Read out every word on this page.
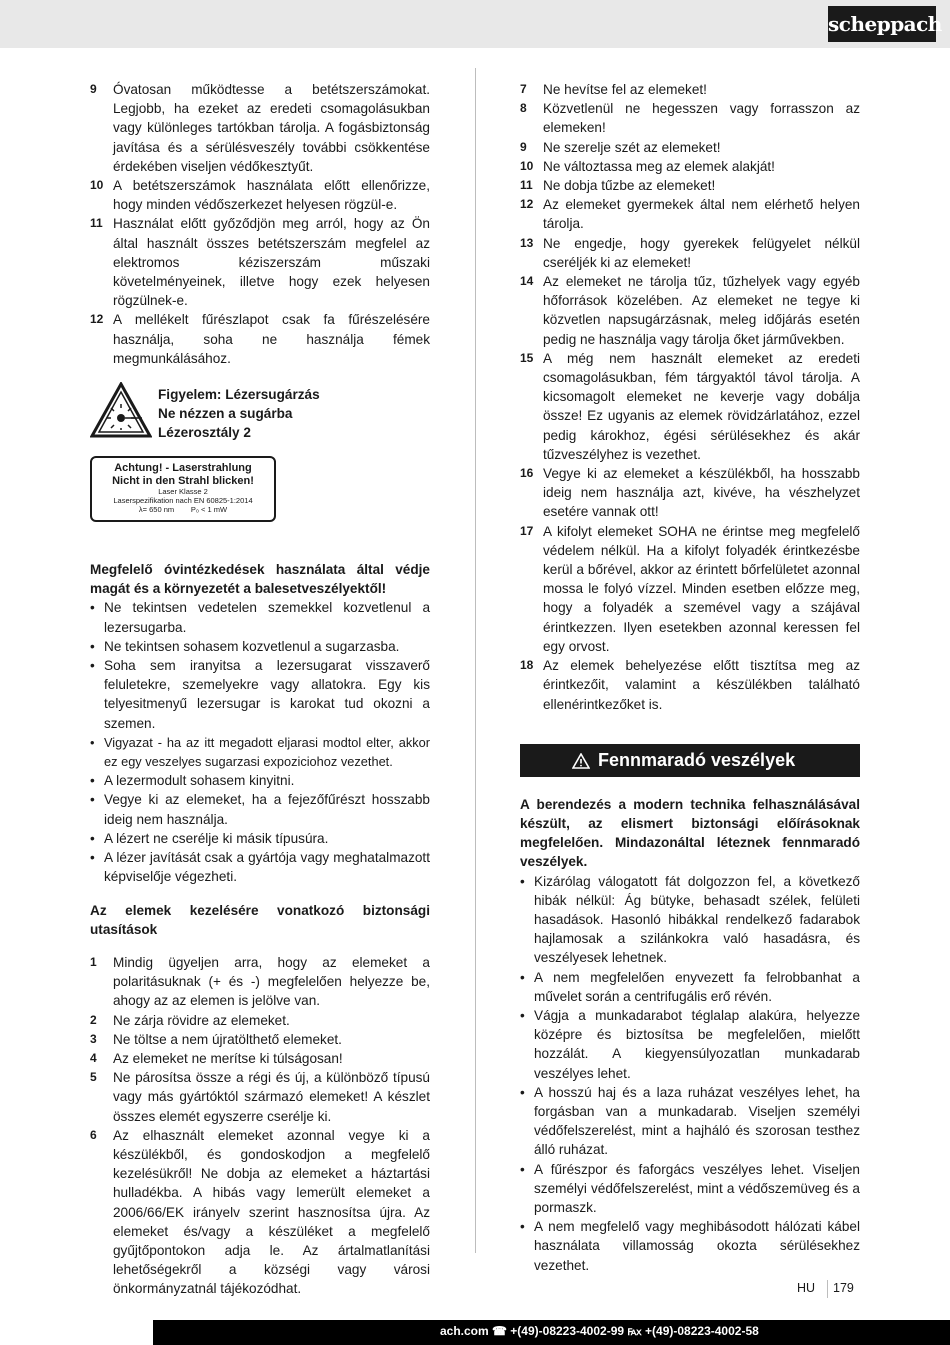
scheppach
9 Óvatosan működtesse a betétszerszámokat. Legjobb, ha ezeket az eredeti csomagolásukban vagy különleges tartókban tárolja. A fogásbiztonság javítása és a sérülésveszély további csökkentése érdekében viseljen védőkesztyűt.
10 A betétszerszámok használata előtt ellenőrizze, hogy minden védőszerkezet helyesen rögzül-e.
11 Használat előtt győződjön meg arról, hogy az Ön által használt összes betétszerszám megfelel az elektromos kéziszerszám műszaki követelményeinek, illetve hogy ezek helyesen rögzülnek-e.
12 A mellékelt fűrészlapot csak fa fűrészelésére használja, soha ne használja fémek megmunkálásához.
Figyelem: Lézersugárzás
Ne nézzen a sugárba
Lézerosztály 2
Achtung! - Laserstrahlung
Nicht in den Strahl blicken!
Laser Klasse 2
Laserspezifikation nach EN 60825-1:2014
λ= 650 nm P₀ < 1 mW
Megfelelő óvintézkedések használata által védje magát és a környezetét a balesetveszélyektől!
• Ne tekintsen vedetelen szemekkel kozvetlenul a lezersugarba.
• Ne tekintsen sohasem kozvetlenul a sugarzasba.
• Soha sem iranyitsa a lezersugarat visszaverő feluletekre, szemelyekre vagy allatokra. Egy kis telyesitmenyű lezersugar is karokat tud okozni a szemen.
• Vigyazat - ha az itt megadott eljarasi modtol elter, akkor ez egy veszelyes sugarzasi expoziciohoz vezethet.
• A lezermodult sohasem kinyitni.
• Vegye ki az elemeket, ha a fejezőfűrészt hosszabb ideig nem használja.
• A lézert ne cserélje ki másik típusúra.
• A lézer javítását csak a gyártója vagy meghatalmazott képviselője végezheti.
Az elemek kezelésére vonatkozó biztonsági utasítások
1 Mindig ügyeljen arra, hogy az elemeket a polaritásuknak (+ és -) megfelelően helyezze be, ahogy az az elemen is jelölve van.
2 Ne zárja rövidre az elemeket.
3 Ne töltse a nem újratölthető elemeket.
4 Az elemeket ne merítse ki túlságosan!
5 Ne párosítsa össze a régi és új, a különböző típusú vagy más gyártóktól származó elemeket! A készlet összes elemét egyszerre cserélje ki.
6 Az elhasznált elemeket azonnal vegye ki a készülékből, és gondoskodjon a megfelelő kezelésükről! Ne dobja az elemeket a háztartási hulladékba. A hibás vagy lemerült elemeket a 2006/66/EK irányelv szerint hasznosítsa újra. Az elemeket és/vagy a készüléket a megfelelő gyűjtőpontokon adja le. Az ártalmatlanítási lehetőségekről a községi vagy városi önkormányzatnál tájékozódhat.
7 Ne hevítse fel az elemeket!
8 Közvetlenül ne hegesszen vagy forrasszon az elemeken!
9 Ne szerelje szét az elemeket!
10 Ne változtassa meg az elemek alakját!
11 Ne dobja tűzbe az elemeket!
12 Az elemeket gyermekek által nem elérhető helyen tárolja.
13 Ne engedje, hogy gyerekek felügyelet nélkül cseréljék ki az elemeket!
14 Az elemeket ne tárolja tűz, tűzhelyek vagy egyéb hőforrások közelében. Az elemeket ne tegye ki közvetlen napsugárzásnak, meleg időjárás esetén pedig ne használja vagy tárolja őket járművekben.
15 A még nem használt elemeket az eredeti csomagolásukban, fém tárgyaktól távol tárolja. A kicsomagolt elemeket ne keverje vagy dobálja össze! Ez ugyanis az elemek rövidzárlatához, ezzel pedig károkhoz, égési sérülésekhez és akár tűzveszélyhez is vezethet.
16 Vegye ki az elemeket a készülékből, ha hosszabb ideig nem használja azt, kivéve, ha vészhelyzet esetére vannak ott!
17 A kifolyt elemeket SOHA ne érintse meg megfelelő védelem nélkül. Ha a kifolyt folyadék érintkezésbe kerül a bőrével, akkor az érintett bőrfelületet azonnal mossa le folyó vízzel. Minden esetben előzze meg, hogy a folyadék a szemével vagy a szájával érintkezzen. Ilyen esetekben azonnal keressen fel egy orvost.
18 Az elemek behelyezése előtt tisztítsa meg az érintkezőit, valamint a készülékben található ellenérintkezőket is.
Fennmaradó veszélyek
A berendezés a modern technika felhasználásával készült, az elismert biztonsági előírásoknak megfelelően. Mindazonáltal léteznek fennmaradó veszélyek.
• Kizárólag válogatott fát dolgozzon fel, a következő hibák nélkül: Ág bütyke, behasadt szélek, felületi hasadások. Hasonló hibákkal rendelkező fadarabok hajlamosak a szilánkokra való hasadásra, és veszélyesek lehetnek.
• A nem megfelelően enyvezett fa felrobbanhat a művelet során a centrifugális erő révén.
• Vágja a munkadarabot téglalap alakúra, helyezze középre és biztosítsa be megfelelően, mielőtt hozzálát. A kiegyensúlyozatlan munkadarab veszélyes lehet.
• A hosszú haj és a laza ruházat veszélyes lehet, ha forgásban van a munkadarab. Viseljen személyi védőfelszerelést, mint a hajháló és szorosan testhez álló ruházat.
• A fűrészpor és faforgács veszélyes lehet. Viseljen személyi védőfelszerelést, mint a védőszemüveg és a pormaszk.
• A nem megfelelő vagy meghibásodott hálózati kábel használata villamosság okozta sérülésekhez vezethet.
HU 179
ach.com ☎ +(49)-08223-4002-99 ℻ +(49)-08223-4002-58
